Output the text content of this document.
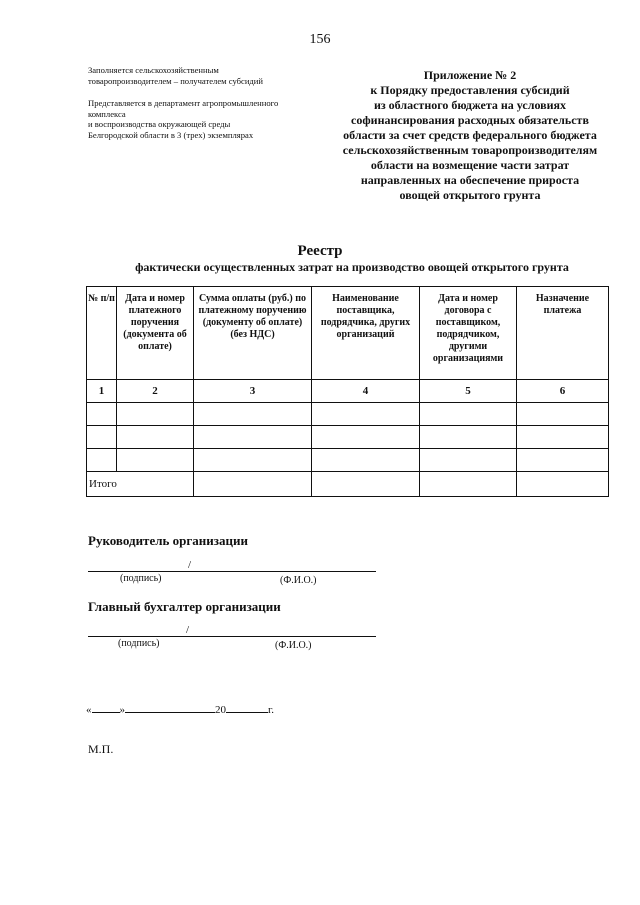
156
Заполняется сельскохозяйственным
товаропроизводителем – получателем субсидий
Представляется в департамент агропромышленного
комплекса
и воспроизводства окружающей среды
Белгородской области в 3 (трех) экземплярах
Приложение № 2
к Порядку предоставления субсидий
из областного бюджета на условиях
софинансирования расходных обязательств
области за счет средств федерального бюджета
сельскохозяйственным товаропроизводителям
области на возмещение части затрат
направленных на обеспечение прироста
овощей открытого грунта
Реестр
фактически осуществленных затрат на производство овощей открытого грунта
№ п/п	Дата и номер платежного поручения (документа об оплате)	Сумма оплаты (руб.) по платежному поручению (документу об оплате) (без НДС)	Наименование поставщика, подрядчика, других организаций	Дата и номер договора с поставщиком, подрядчиком, другими организациями	Назначение платежа
1	2	3	4	5	6

Итого					
Руководитель организации
/
(подпись)	(Ф.И.О.)
Главный бухгалтер организации
/
(подпись)	(Ф.И.О.)
«	»	20	г.
М.П.
